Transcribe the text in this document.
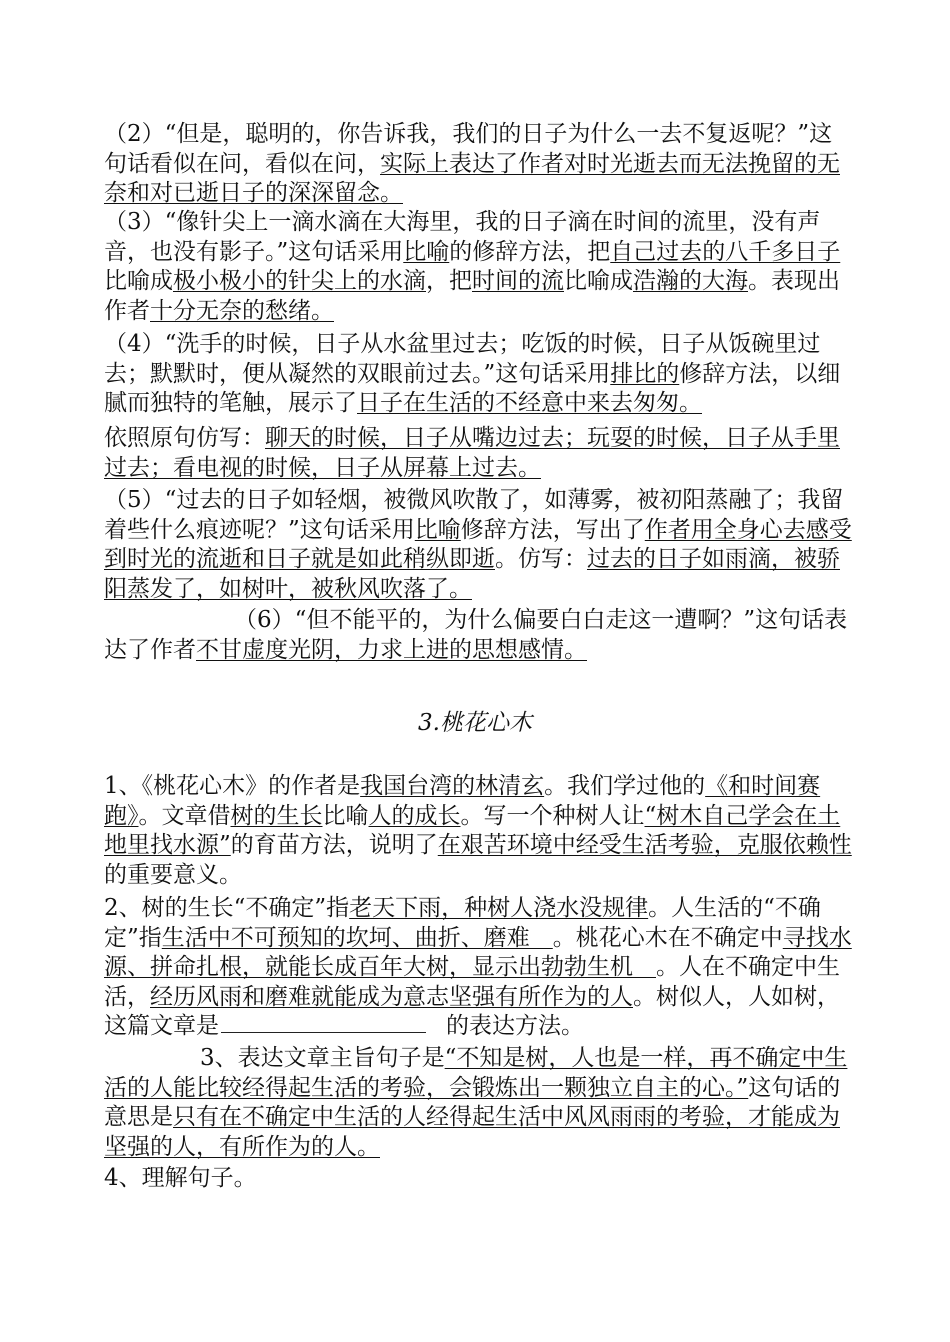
（2）“但是，聪明的，你告诉我，我们的日子为什么一去不复返呢？”这句话看似在问，看似在问，实际上表达了作者对时光逝去而无法挽留的无奈和对已逝日子的深深留念。
（3）“像针尖上一滴水滴在大海里，我的日子滴在时间的流里，没有声音，也没有影子。”这句话采用比喻的修辞方法，把自己过去的八千多日子比喻成极小极小的针尖上的水滴，把时间的流比喻成浩瀚的大海。表现出作者十分无奈的愁绪。
（4）“洗手的时候，日子从水盆里过去；吃饭的时候，日子从饭碗里过去；默默时，便从凝然的双眼前过去。”这句话采用排比的修辞方法，以细腻而独特的笔触，展示了日子在生活的不经意中来去匆匆。
依照原句仿写：聊天的时候，日子从嘴边过去；玩耍的时候，日子从手里过去；看电视的时候，日子从屏幕上过去。
（5）“过去的日子如轻烟，被微风吹散了，如薄雾，被初阳蒸融了；我留着些什么痕迹呢？”这句话采用比喻修辞方法，写出了作者用全身心去感受到时光的流逝和日子就是如此稍纵即逝。仿写：过去的日子如雨滴，被骄阳蒸发了，如树叶，被秋风吹落了。
（6）“但不能平的，为什么偏要白白走这一遭啊？”这句话表达了作者不甘虚度光阴，力求上进的思想感情。
3.桃花心木
1、《桃花心木》的作者是我国台湾的林清玄。我们学过他的《和时间赛跑》。文章借树的生长比喻人的成长。写一个种树人让“树木自己学会在土地里找水源”的育苗方法，说明了在艰苦环境中经受生活考验，克服依赖性的重要意义。
2、树的生长“不确定”指老天下雨，种树人浇水没规律。人生活的“不确定”指生活中不可预知的坎坷、曲折、磨难　。桃花心木在不确定中寻找水源、拼命扎根，就能长成百年大树，显示出勃勃生机　。人在不确定中生活，经历风雨和磨难就能成为意志坚强有所作为的人。树似人，人如树，这篇文章是	的表达方法。
3、表达文章主旨句子是“不知是树，人也是一样，再不确定中生活的人能比较经得起生活的考验，会锻炼出一颗独立自主的心。”这句话的意思是只有在不确定中生活的人经得起生活中风风雨雨的考验，才能成为坚强的人，有所作为的人。
4、理解句子。
